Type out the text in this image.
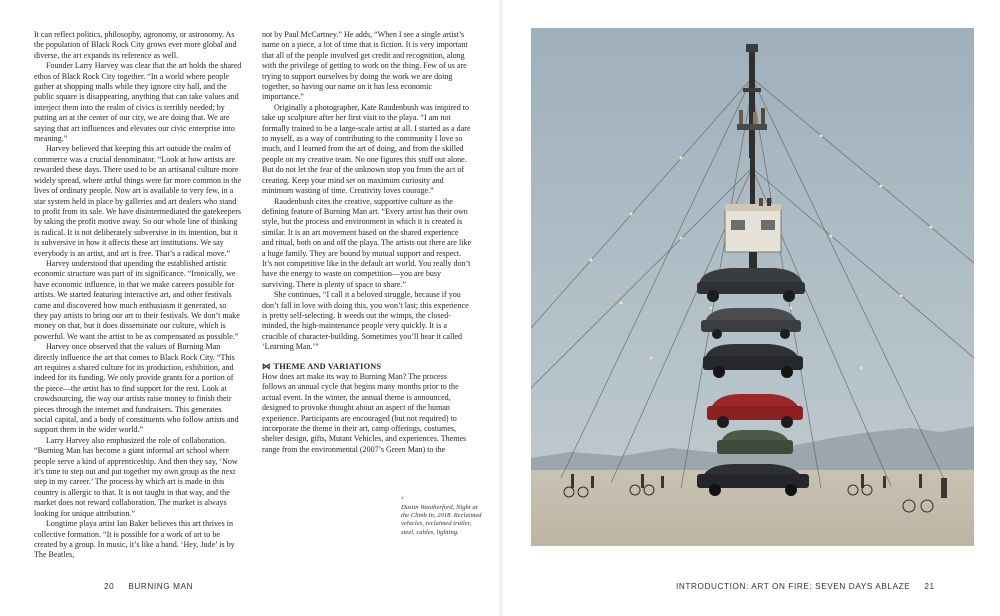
It can reflect politics, philosophy, agronomy, or astronomy. As the population of Black Rock City grows ever more global and diverse, the art expands its reference as well.

Founder Larry Harvey was clear that the art holds the shared ethos of Black Rock City together. “In a world where people gather at shopping malls while they ignore city hall, and the public square is disappearing, anything that can take values and interject them into the realm of civics is terribly needed; by putting art at the center of our city, we are doing that. We are saying that art influences and elevates our civic enterprise into meaning.”

Harvey believed that keeping this art outside the realm of commerce was a crucial denominator. “Look at how artists are rewarded these days. There used to be an artisanal culture more widely spread, where artful things were far more common in the lives of ordinary people. Now art is available to very few, in a star system held in place by galleries and art dealers who stand to profit from its sale. We have disintermediated the gatekeepers by taking the profit motive away. So our whole line of thinking is radical. It is not deliberately subversive in its intention, but it is subversive in how it affects these art institutions. We say everybody is an artist, and art is free. That’s a radical move.”

Harvey understood that upending the established artistic economic structure was part of its significance. “Ironically, we have economic influence, in that we make careers possible for artists. We started featuring interactive art, and other festivals came and discovered how much enthusiasm it generated, so they pay artists to bring our art to their festivals. We don’t make money on that, but it does disseminate our culture, which is powerful. We want the artist to be as compensated as possible.”

Harvey once observed that the values of Burning Man directly influence the art that comes to Black Rock City. “This art requires a shared culture for its production, exhibition, and indeed for its funding. We only provide grants for a portion of the piece—the artist has to find support for the rest. Look at crowdsourcing, the way our artists raise money to finish their pieces through the internet and fundraisers. This generates social capital, and a body of constituents who follow artists and support them in the wider world.”

Larry Harvey also emphasized the role of collaboration. “Burning Man has become a giant informal art school where people serve a kind of apprenticeship. And then they say, ‘Now it’s time to step out and put together my own group as the next step in my career.’ The process by which art is made in this country is allergic to that. It is not taught in that way, and the market does not reward collaboration. The market is always looking for unique attribution.”

Longtime playa artist Ian Baker believes this art thrives in collective formation. “It is possible for a work of art to be created by a group. In music, it’s like a band. ‘Hey, Jude’ is by The Beatles,

not by Paul McCartney.” He adds, “When I see a single artist’s name on a piece, a lot of time that is fiction. It is very important that all of the people involved get credit and recognition, along with the privilege of getting to work on the thing. Few of us are trying to support ourselves by doing the work we are doing together, so having our name on it has less economic importance.”

Originally a photographer, Kate Raudenbush was inspired to take up sculpture after her first visit to the playa. “I am not formally trained to be a large-scale artist at all. I started as a dare to myself, as a way of contributing to the community I love so much, and I learned from the art of doing, and from the skilled people on my creative team. No one figures this stuff out alone. But do not let the fear of the unknown stop you from the act of creating. Keep your mind set on maximum curiosity and minimum wasting of time. Creativity loves courage.”

Raudenbush cites the creative, supportive culture as the defining feature of Burning Man art. “Every artist has their own style, but the process and environment in which it is created is similar. It is an art movement based on the shared experience and ritual, both on and off the playa. The artists out there are like a huge family. They are bound by mutual support and respect. It’s not competitive like in the default art world. You really don’t have the energy to waste on competition—you are busy surviving. There is plenty of space to share.”

She continues, “I call it a beloved struggle, because if you don’t fall in love with doing this, you won’t last; this experience is pretty self-selecting. It weeds out the wimps, the closed-minded, the high-maintenance people very quickly. It is a crucible of character-building. Sometimes you’ll hear it called ‘Learning Man.’”

⋈ THEME AND VARIATIONS

How does art make its way to Burning Man? The process follows an annual cycle that begins many months prior to the actual event. In the winter, the annual theme is announced, designed to provoke thought about an aspect of the human experience. Participants are encouraged (but not required) to incorporate the theme in their art, camp offerings, costumes, shelter design, gifts, Mutant Vehicles, and experiences. Themes range from the environmental (2007’s Green Man) to the

›
Dustin Weatherford, Night at the Climb In, 2018. Reclaimed vehicles, reclaimed trailer, steel, cables, lighting.
20 BURNING MAN	INTRODUCTION: ART ON FIRE: SEVEN DAYS ABLAZE 21
